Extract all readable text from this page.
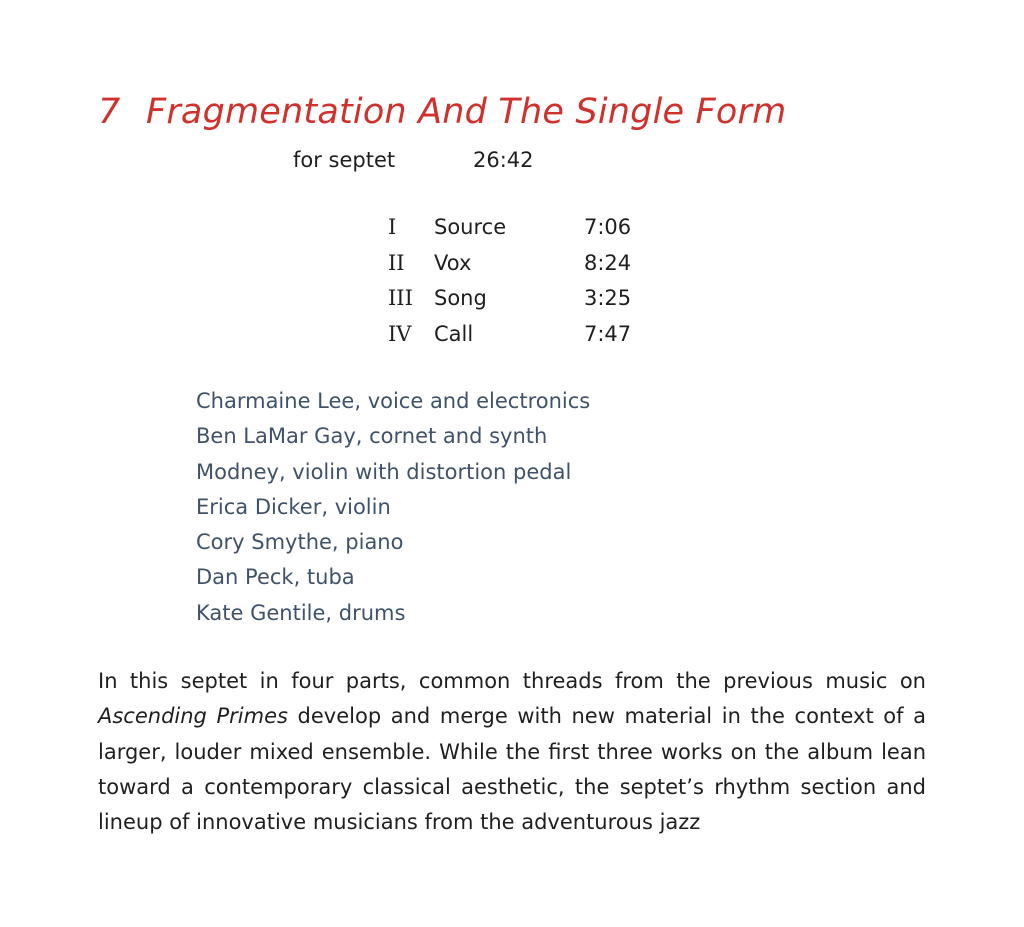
7 Fragmentation And The Single Form
for septet	26:42
I Source	7:06
II Vox	8:24
III Song	3:25
IV Call	7:47
Charmaine Lee, voice and electronics
Ben LaMar Gay, cornet and synth
Modney, violin with distortion pedal
Erica Dicker, violin
Cory Smythe, piano
Dan Peck, tuba
Kate Gentile, drums

In this septet in four parts, common threads from the previous music on Ascending Primes develop and merge with new material in the context of a larger, louder mixed ensemble. While the first three works on the album lean toward a contemporary classical aesthetic, the septet’s rhythm section and lineup of innovative musicians from the adventurous jazz
